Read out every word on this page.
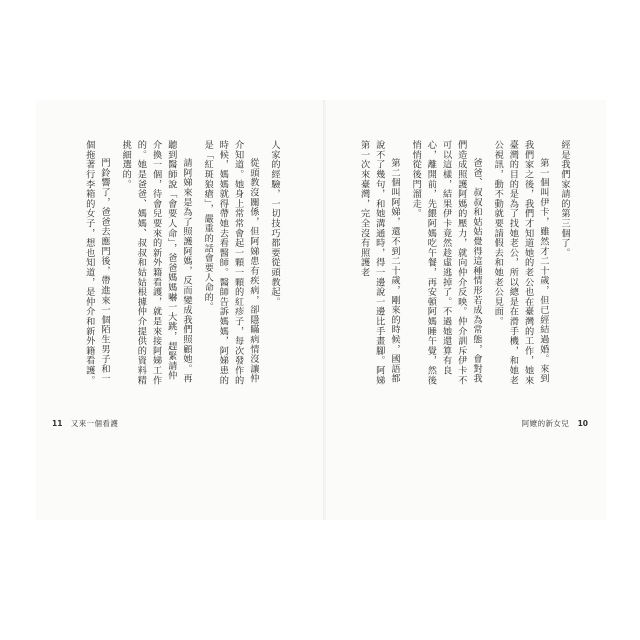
人家的經驗，一切技巧都要從頭教起。

從頭教沒關係，但阿娣患有疾病，卻隱瞞病情沒讓仲介知道。她身上常常會起一顆一顆的紅疹子，每次發作的時候，媽媽就得帶她去看醫師。醫師告訴媽媽，阿娣患的是「紅斑狼瘡」，嚴重的話會要人命的。

請阿娣來是為了照護阿媽，反而變成我們照顧她。再聽到醫師說「會要人命」，爸爸媽媽嚇一大跳，趕緊請仲介換一個，待會兒要來的新外籍看護，就是來接阿娣工作的。她是爸爸、媽媽、叔叔和姑姑根據仲介提供的資料精挑細選的。

門鈴響了，爸爸去應門後，帶進來一個陌生男子和一個拖著行李箱的女子，想也知道，是仲介和新外籍看護。

11 又來一個看護

經是我們家請的第三個了。

第一個叫伊卡，雖然才二十歲，但已經結過婚。來到我們家之後，我們才知道她的老公也在臺灣的工作，她來臺灣的目的是為了找她老公，所以總是在滑手機，和她老公視訊，動不動就要請假去和她老公見面。

爸爸、叔叔和姑姑覺得這種情形若成為常態，會對我們造成照護阿媽的壓力，就向仲介反映。仲介訓斥伊卡不可以這樣，結果伊卡竟然趁虛逃掉了。不過她還算有良心，離開前，先餵阿媽吃午餐，再安頓阿媽睡午覺，然後悄悄從後門溜走。

第二個叫阿娣，還不到二十歲，剛來的時候，國語都說不了幾句，和她溝通時，得一邊說一邊比手畫腳。阿娣第一次來臺灣，完全沒有照護老

阿嬤的新女兒 10
